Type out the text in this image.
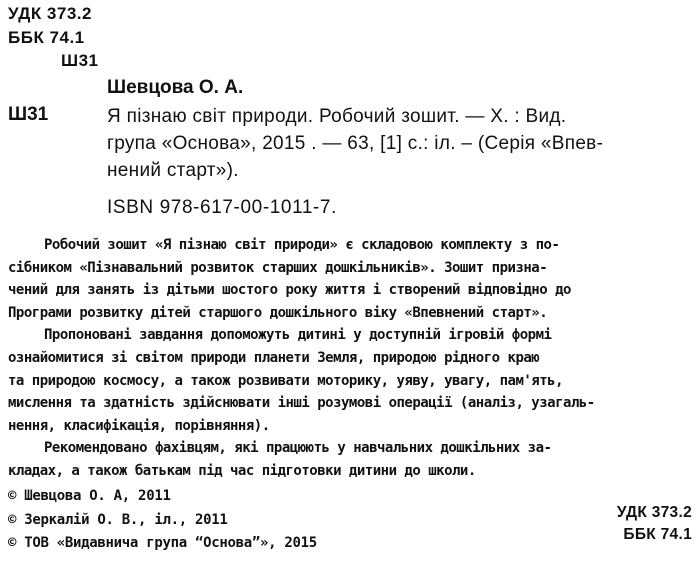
УДК 373.2
ББК 74.1
Ш31
Шевцова О. А.
Ш31	Я пізнаю світ природи. Робочий зошит. — Х. : Вид.
група «Основа», 2015 . — 63, [1] с.: іл. – (Серія «Впев-
нений старт»).
ISBN 978-617-00-1011-7.
Робочий зошит «Я пізнаю світ природи» є складовою комплекту з по-
сібником «Пізнавальний розвиток старших дошкільників». Зошит призна-
чений для занять із дітьми шостого року життя і створений відповідно до
Програми розвитку дітей старшого дошкільного віку «Впевнений старт».
Пропоновані завдання допоможуть дитині у доступній ігровій формі
ознайомитися зі світом природи планети Земля, природою рідного краю
та природою космосу, а також розвивати моторику, уяву, увагу, пам'ять,
мислення та здатність здійснювати інші розумові операції (аналіз, узагаль-
нення, класифікація, порівняння).
Рекомендовано фахівцям, які працюють у навчальних дошкільних за-
кладах, а також батькам під час підготовки дитини до школи.
© Шевцова О. А, 2011
© Зеркалій О. В., іл., 2011
© ТОВ «Видавнича група “Основа”», 2015
УДК 373.2
ББК 74.1
